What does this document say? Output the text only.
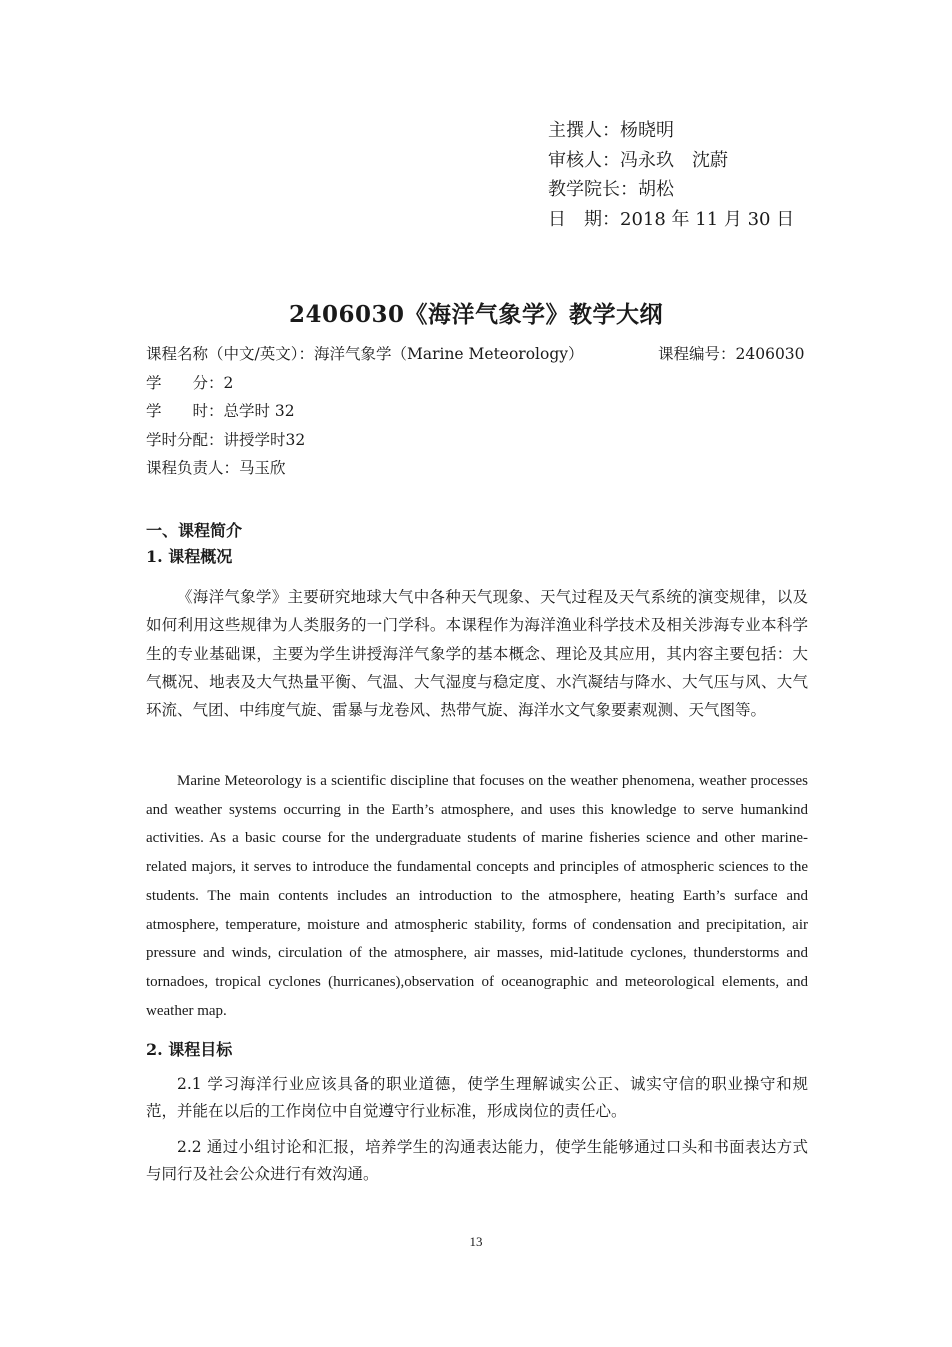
主撰人：杨晓明
审核人：冯永玖　沈蔚
教学院长：胡松
日　期：2018 年 11 月 30 日
2406030《海洋气象学》教学大纲
课程名称（中文/英文）：海洋气象学（Marine Meteorology）	课程编号：2406030
学　　分：2
学　　时：总学时 32
学时分配：讲授学时32
课程负责人：马玉欣
一、课程简介
1. 课程概况
《海洋气象学》主要研究地球大气中各种天气现象、天气过程及天气系统的演变规律，以及如何利用这些规律为人类服务的一门学科。本课程作为海洋渔业科学技术及相关涉海专业本科学生的专业基础课，主要为学生讲授海洋气象学的基本概念、理论及其应用，其内容主要包括：大气概况、地表及大气热量平衡、气温、大气湿度与稳定度、水汽凝结与降水、大气压与风、大气环流、气团、中纬度气旋、雷暴与龙卷风、热带气旋、海洋水文气象要素观测、天气图等。
Marine Meteorology is a scientific discipline that focuses on the weather phenomena, weather processes and weather systems occurring in the Earth’s atmosphere, and uses this knowledge to serve humankind activities. As a basic course for the undergraduate students of marine fisheries science and other marine-related majors, it serves to introduce the fundamental concepts and principles of atmospheric sciences to the students. The main contents includes an introduction to the atmosphere, heating Earth’s surface and atmosphere, temperature, moisture and atmospheric stability, forms of condensation and precipitation, air pressure and winds, circulation of the atmosphere, air masses, mid-latitude cyclones, thunderstorms and tornadoes, tropical cyclones (hurricanes),observation of oceanographic and meteorological elements, and weather map.
2. 课程目标
2.1 学习海洋行业应该具备的职业道德，使学生理解诚实公正、诚实守信的职业操守和规范，并能在以后的工作岗位中自觉遵守行业标准，形成岗位的责任心。
2.2 通过小组讨论和汇报，培养学生的沟通表达能力，使学生能够通过口头和书面表达方式与同行及社会公众进行有效沟通。
13
